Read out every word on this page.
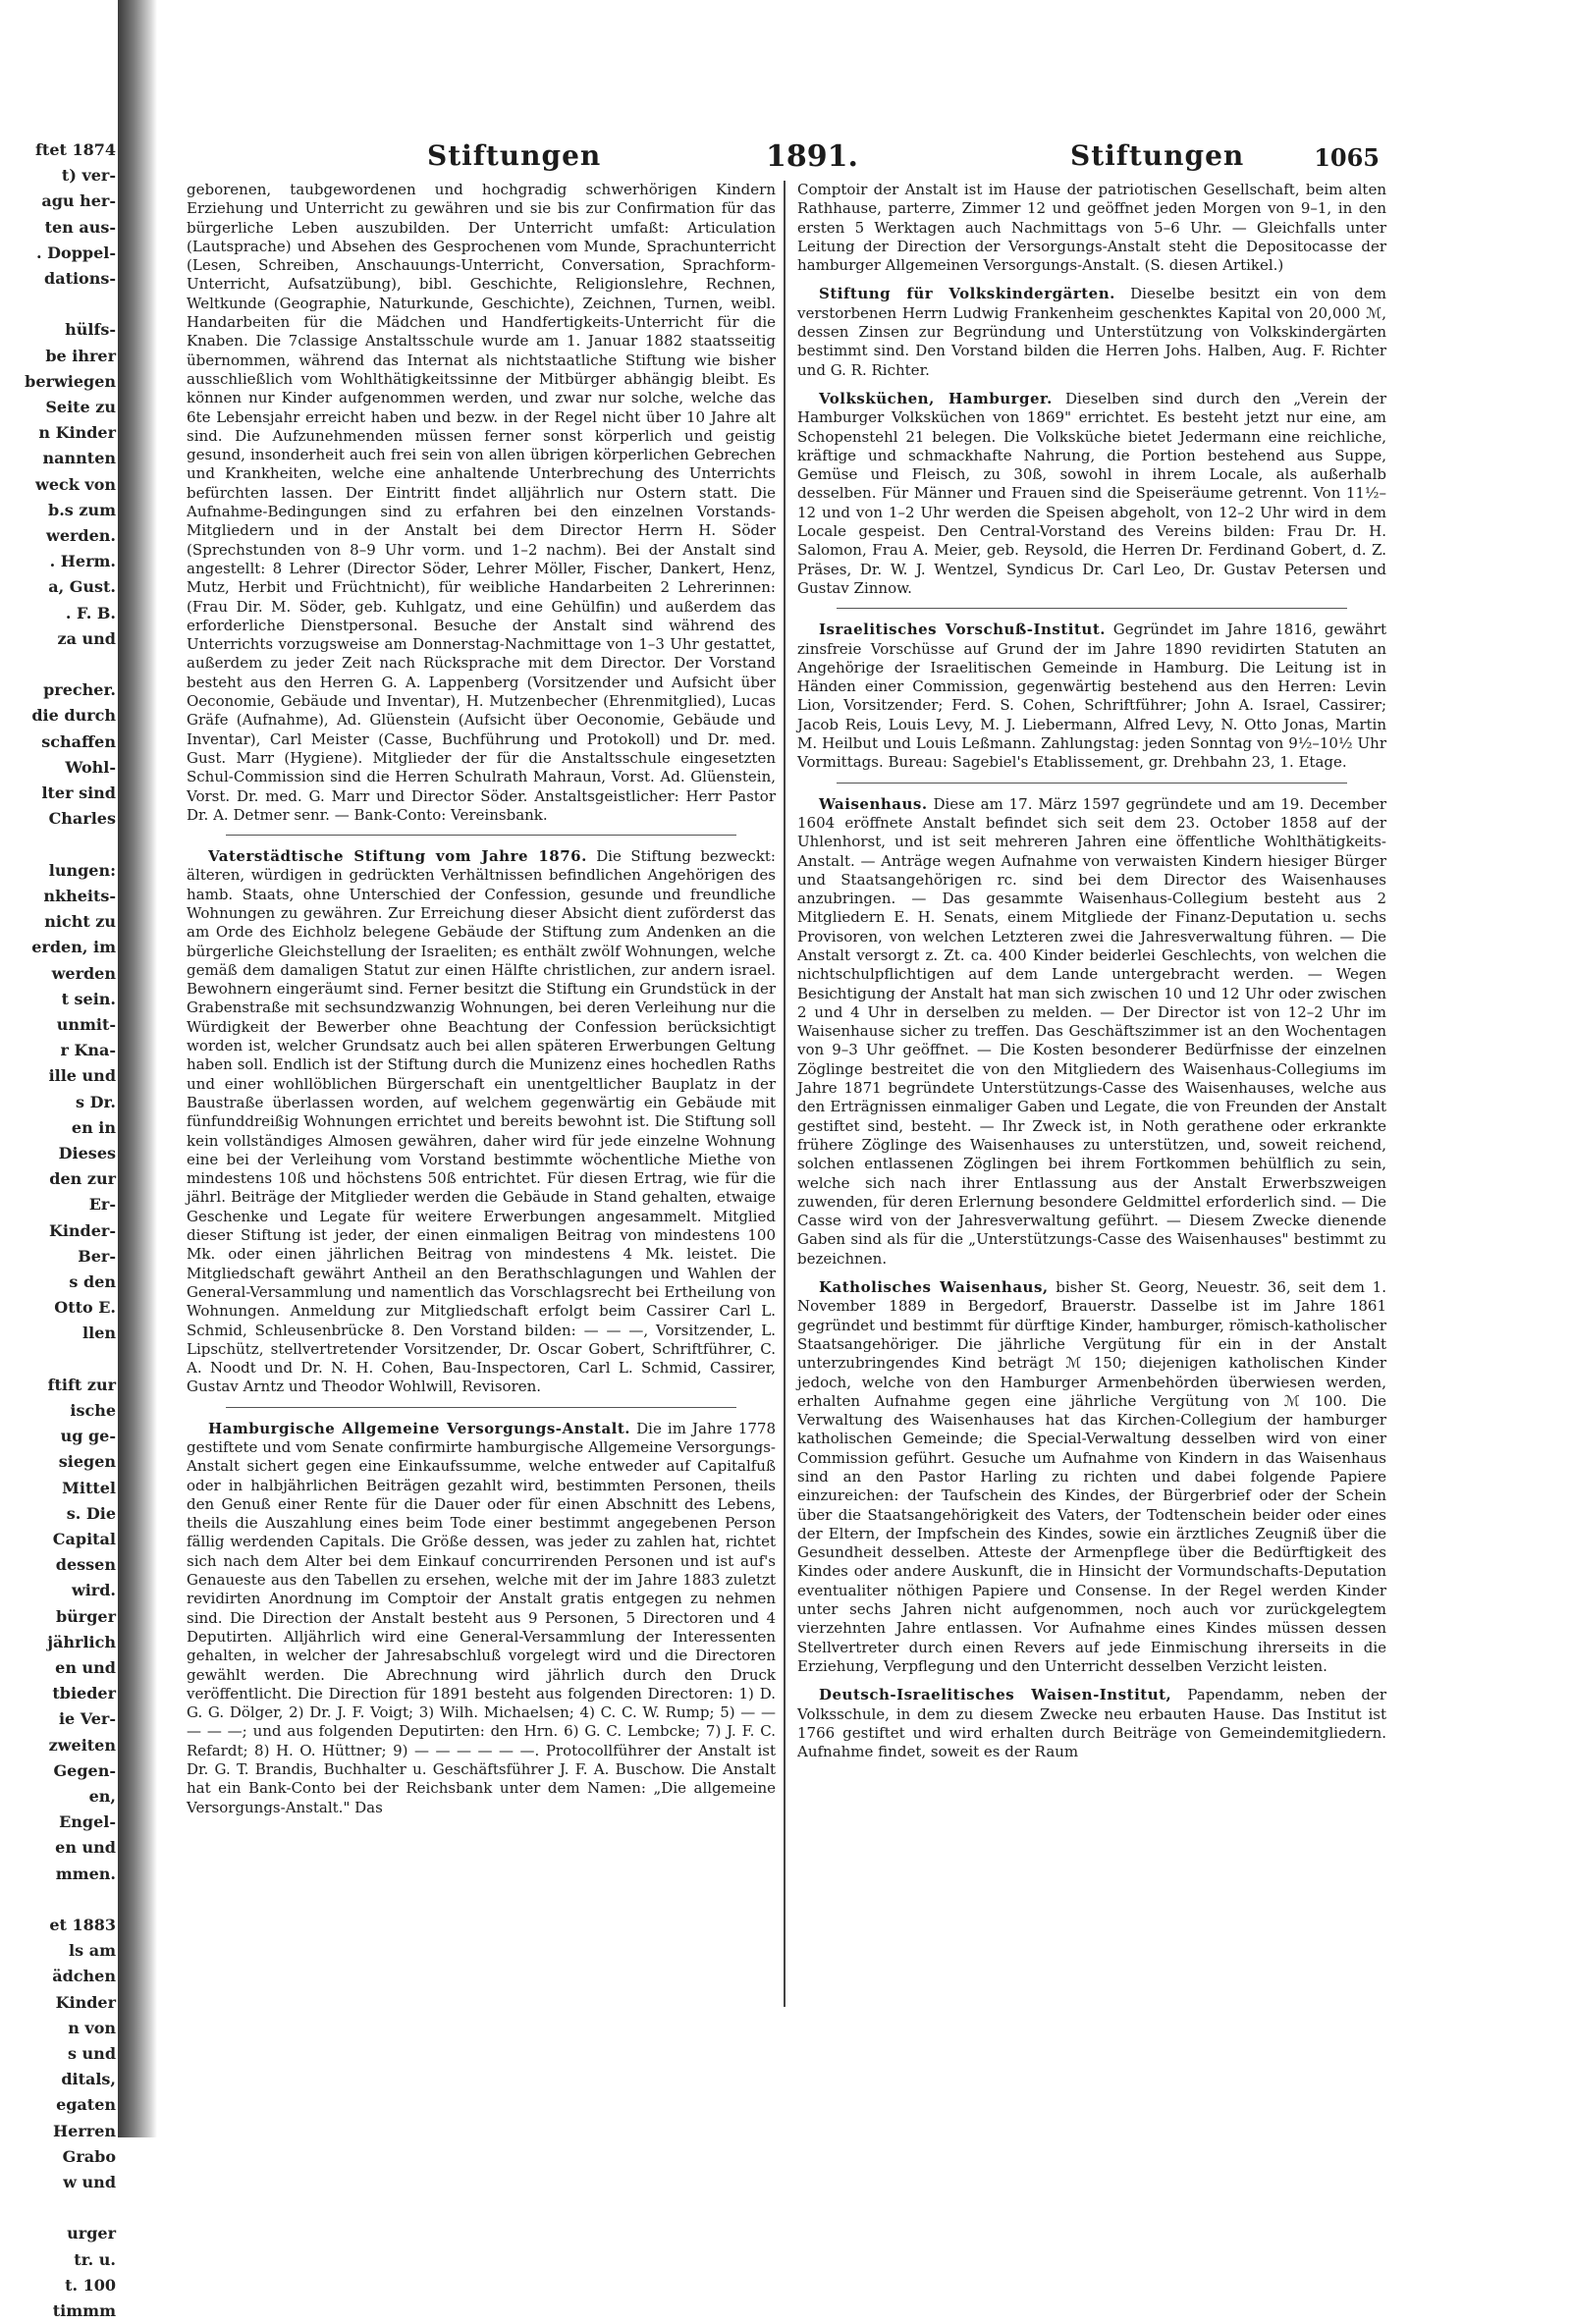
ftet 1874
t) ver-
agu her-
ten aus-
. Doppel-
dations-

hülfs-
be ihrer
berwiegen
Seite zu
n Kinder
nannten
weck von
b.s zum
werden.
. Herm.
a, Gust.
. F. B.
za und

precher.
die durch
schaffen
Wohl-
lter sind
Charles

lungen:
nkheits-
nicht zu
erden, im
werden
t sein.
unmit-
r Kna-
ille und
s Dr.
en in
Dieses
den zur
Er-
Kinder-
Ber-
s den
Otto E.
llen

ftift zur
ische
ug ge-
siegen
Mittel
s. Die
Capital
dessen
wird.
bürger
jährlich
en und
tbieder
ie Ver-
zweiten
Gegen-
en,
Engel-
en und
mmen.

et 1883
ls am
ädchen
Kinder
n von
s und
ditals,
egaten
Herren
Grabo
w und

urger
tr. u.
t. 100
timmm
Stiftungen	1891.	Stiftungen	1065

geborenen, taubgewordenen und hochgradig schwerhörigen Kindern Erziehung und Unterricht zu gewähren und sie bis zur Confirmation für das bürgerliche Leben auszubilden. Der Unterricht umfaßt: Articulation (Lautsprache) und Absehen des Gesprochenen vom Munde, Sprachunterricht (Lesen, Schreiben, Anschauungs-Unterricht, Conversation, Sprachform-Unterricht, Aufsatzübung), bibl. Geschichte, Religionslehre, Rechnen, Weltkunde (Geographie, Naturkunde, Geschichte), Zeichnen, Turnen, weibl. Handarbeiten für die Mädchen und Handfertigkeits-Unterricht für die Knaben. Die 7classige Anstaltsschule wurde am 1. Januar 1882 staatsseitig übernommen, während das Internat als nichtstaatliche Stiftung wie bisher ausschließlich vom Wohlthätigkeitssinne der Mitbürger abhängig bleibt. Es können nur Kinder aufgenommen werden, und zwar nur solche, welche das 6te Lebensjahr erreicht haben und bezw. in der Regel nicht über 10 Jahre alt sind. Die Aufzunehmenden müssen ferner sonst körperlich und geistig gesund, insonderheit auch frei sein von allen übrigen körperlichen Gebrechen und Krankheiten, welche eine anhaltende Unterbrechung des Unterrichts befürchten lassen. Der Eintritt findet alljährlich nur Ostern statt. Die Aufnahme-Bedingungen sind zu erfahren bei den einzelnen Vorstands-Mitgliedern und in der Anstalt bei dem Director Herrn H. Söder (Sprechstunden von 8–9 Uhr vorm. und 1–2 nachm). Bei der Anstalt sind angestellt: 8 Lehrer (Director Söder, Lehrer Möller, Fischer, Dankert, Henz, Mutz, Herbit und Früchtnicht), für weibliche Handarbeiten 2 Lehrerinnen: (Frau Dir. M. Söder, geb. Kuhlgatz, und eine Gehülfin) und außerdem das erforderliche Dienstpersonal. Besuche der Anstalt sind während des Unterrichts vorzugsweise am Donnerstag-Nachmittage von 1–3 Uhr gestattet, außerdem zu jeder Zeit nach Rücksprache mit dem Director. Der Vorstand besteht aus den Herren G. A. Lappenberg (Vorsitzender und Aufsicht über Oeconomie, Gebäude und Inventar), H. Mutzenbecher (Ehrenmitglied), Lucas Gräfe (Aufnahme), Ad. Glüenstein (Aufsicht über Oeconomie, Gebäude und Inventar), Carl Meister (Casse, Buchführung und Protokoll) und Dr. med. Gust. Marr (Hygiene). Mitglieder der für die Anstaltsschule eingesetzten Schul-Commission sind die Herren Schulrath Mahraun, Vorst. Ad. Glüenstein, Vorst. Dr. med. G. Marr und Director Söder. Anstaltsgeistlicher: Herr Pastor Dr. A. Detmer senr. — Bank-Conto: Vereinsbank.

Vaterstädtische Stiftung vom Jahre 1876. Die Stiftung bezweckt: älteren, würdigen in gedrückten Verhältnissen befindlichen Angehörigen des hamb. Staats, ohne Unterschied der Confession, gesunde und freundliche Wohnungen zu gewähren. Zur Erreichung dieser Absicht dient zuförderst das am Orde des Eichholz belegene Gebäude der Stiftung zum Andenken an die bürgerliche Gleichstellung der Israeliten; es enthält zwölf Wohnungen, welche gemäß dem damaligen Statut zur einen Hälfte christlichen, zur andern israel. Bewohnern eingeräumt sind. Ferner besitzt die Stiftung ein Grundstück in der Grabenstraße mit sechsundzwanzig Wohnungen, bei deren Verleihung nur die Würdigkeit der Bewerber ohne Beachtung der Confession berücksichtigt worden ist, welcher Grundsatz auch bei allen späteren Erwerbungen Geltung haben soll. Endlich ist der Stiftung durch die Munizenz eines hochedlen Raths und einer wohllöblichen Bürgerschaft ein unentgeltlicher Bauplatz in der Baustraße überlassen worden, auf welchem gegenwärtig ein Gebäude mit fünfunddreißig Wohnungen errichtet und bereits bewohnt ist. Die Stiftung soll kein vollständiges Almosen gewähren, daher wird für jede einzelne Wohnung eine bei der Verleihung vom Vorstand bestimmte wöchentliche Miethe von mindestens 10ß und höchstens 50ß entrichtet. Für diesen Ertrag, wie für die jährl. Beiträge der Mitglieder werden die Gebäude in Stand gehalten, etwaige Geschenke und Legate für weitere Erwerbungen angesammelt. Mitglied dieser Stiftung ist jeder, der einen einmaligen Beitrag von mindestens 100 Mk. oder einen jährlichen Beitrag von mindestens 4 Mk. leistet. Die Mitgliedschaft gewährt Antheil an den Berathschlagungen und Wahlen der General-Versammlung und namentlich das Vorschlagsrecht bei Ertheilung von Wohnungen. Anmeldung zur Mitgliedschaft erfolgt beim Cassirer Carl L. Schmid, Schleusenbrücke 8. Den Vorstand bilden: — — —, Vorsitzender, L. Lipschütz, stellvertretender Vorsitzender, Dr. Oscar Gobert, Schriftführer, C. A. Noodt und Dr. N. H. Cohen, Bau-Inspectoren, Carl L. Schmid, Cassirer, Gustav Arntz und Theodor Wohlwill, Revisoren.

Hamburgische Allgemeine Versorgungs-Anstalt. Die im Jahre 1778 gestiftete und vom Senate confirmirte hamburgische Allgemeine Versorgungs-Anstalt sichert gegen eine Einkaufssumme, welche entweder auf Capitalfuß oder in halbjährlichen Beiträgen gezahlt wird, bestimmten Personen, theils den Genuß einer Rente für die Dauer oder für einen Abschnitt des Lebens, theils die Auszahlung eines beim Tode einer bestimmt angegebenen Person fällig werdenden Capitals. Die Größe dessen, was jeder zu zahlen hat, richtet sich nach dem Alter bei dem Einkauf concurrirenden Personen und ist auf's Genaueste aus den Tabellen zu ersehen, welche mit der im Jahre 1883 zuletzt revidirten Anordnung im Comptoir der Anstalt gratis entgegen zu nehmen sind. Die Direction der Anstalt besteht aus 9 Personen, 5 Directoren und 4 Deputirten. Alljährlich wird eine General-Versammlung der Interessenten gehalten, in welcher der Jahresabschluß vorgelegt wird und die Directoren gewählt werden. Die Abrechnung wird jährlich durch den Druck veröffentlicht. Die Direction für 1891 besteht aus folgenden Directoren: 1) D. G. G. Dölger, 2) Dr. J. F. Voigt; 3) Wilh. Michaelsen; 4) C. C. W. Rump; 5) — — — — —; und aus folgenden Deputirten: den Hrn. 6) G. C. Lembcke; 7) J. F. C. Refardt; 8) H. O. Hüttner; 9) — — — — — —. Protocollführer der Anstalt ist Dr. G. T. Brandis, Buchhalter u. Geschäftsführer J. F. A. Buschow. Die Anstalt hat ein Bank-Conto bei der Reichsbank unter dem Namen: „Die allgemeine Versorgungs-Anstalt." Das

Comptoir der Anstalt ist im Hause der patriotischen Gesellschaft, beim alten Rathhause, parterre, Zimmer 12 und geöffnet jeden Morgen von 9–1, in den ersten 5 Werktagen auch Nachmittags von 5–6 Uhr. — Gleichfalls unter Leitung der Direction der Versorgungs-Anstalt steht die Depositocasse der hamburger Allgemeinen Versorgungs-Anstalt. (S. diesen Artikel.)

Stiftung für Volkskindergärten. Dieselbe besitzt ein von dem verstorbenen Herrn Ludwig Frankenheim geschenktes Kapital von 20,000 ℳ, dessen Zinsen zur Begründung und Unterstützung von Volkskindergärten bestimmt sind. Den Vorstand bilden die Herren Johs. Halben, Aug. F. Richter und G. R. Richter.

Volksküchen, Hamburger. Dieselben sind durch den „Verein der Hamburger Volksküchen von 1869" errichtet. Es besteht jetzt nur eine, am Schopenstehl 21 belegen. Die Volksküche bietet Jedermann eine reichliche, kräftige und schmackhafte Nahrung, die Portion bestehend aus Suppe, Gemüse und Fleisch, zu 30ß, sowohl in ihrem Locale, als außerhalb desselben. Für Männer und Frauen sind die Speiseräume getrennt. Von 11½–12 und von 1–2 Uhr werden die Speisen abgeholt, von 12–2 Uhr wird in dem Locale gespeist. Den Central-Vorstand des Vereins bilden: Frau Dr. H. Salomon, Frau A. Meier, geb. Reysold, die Herren Dr. Ferdinand Gobert, d. Z. Präses, Dr. W. J. Wentzel, Syndicus Dr. Carl Leo, Dr. Gustav Petersen und Gustav Zinnow.

Israelitisches Vorschuß-Institut. Gegründet im Jahre 1816, gewährt zinsfreie Vorschüsse auf Grund der im Jahre 1890 revidirten Statuten an Angehörige der Israelitischen Gemeinde in Hamburg. Die Leitung ist in Händen einer Commission, gegenwärtig bestehend aus den Herren: Levin Lion, Vorsitzender; Ferd. S. Cohen, Schriftführer; John A. Israel, Cassirer; Jacob Reis, Louis Levy, M. J. Liebermann, Alfred Levy, N. Otto Jonas, Martin M. Heilbut und Louis Leßmann. Zahlungstag: jeden Sonntag von 9½–10½ Uhr Vormittags. Bureau: Sagebiel's Etablissement, gr. Drehbahn 23, 1. Etage.

Waisenhaus. Diese am 17. März 1597 gegründete und am 19. December 1604 eröffnete Anstalt befindet sich seit dem 23. October 1858 auf der Uhlenhorst, und ist seit mehreren Jahren eine öffentliche Wohlthätigkeits-Anstalt. — Anträge wegen Aufnahme von verwaisten Kindern hiesiger Bürger und Staatsangehörigen rc. sind bei dem Director des Waisenhauses anzubringen. — Das gesammte Waisenhaus-Collegium besteht aus 2 Mitgliedern E. H. Senats, einem Mitgliede der Finanz-Deputation u. sechs Provisoren, von welchen Letzteren zwei die Jahresverwaltung führen. — Die Anstalt versorgt z. Zt. ca. 400 Kinder beiderlei Geschlechts, von welchen die nichtschulpflichtigen auf dem Lande untergebracht werden. — Wegen Besichtigung der Anstalt hat man sich zwischen 10 und 12 Uhr oder zwischen 2 und 4 Uhr in derselben zu melden. — Der Director ist von 12–2 Uhr im Waisenhause sicher zu treffen. Das Geschäftszimmer ist an den Wochentagen von 9–3 Uhr geöffnet. — Die Kosten besonderer Bedürfnisse der einzelnen Zöglinge bestreitet die von den Mitgliedern des Waisenhaus-Collegiums im Jahre 1871 begründete Unterstützungs-Casse des Waisenhauses, welche aus den Erträgnissen einmaliger Gaben und Legate, die von Freunden der Anstalt gestiftet sind, besteht. — Ihr Zweck ist, in Noth gerathene oder erkrankte frühere Zöglinge des Waisenhauses zu unterstützen, und, soweit reichend, solchen entlassenen Zöglingen bei ihrem Fortkommen behülflich zu sein, welche sich nach ihrer Entlassung aus der Anstalt Erwerbszweigen zuwenden, für deren Erlernung besondere Geldmittel erforderlich sind. — Die Casse wird von der Jahresverwaltung geführt. — Diesem Zwecke dienende Gaben sind als für die „Unterstützungs-Casse des Waisenhauses" bestimmt zu bezeichnen.

Katholisches Waisenhaus, bisher St. Georg, Neuestr. 36, seit dem 1. November 1889 in Bergedorf, Brauerstr. Dasselbe ist im Jahre 1861 gegründet und bestimmt für dürftige Kinder, hamburger, römisch-katholischer Staatsangehöriger. Die jährliche Vergütung für ein in der Anstalt unterzubringendes Kind beträgt ℳ 150; diejenigen katholischen Kinder jedoch, welche von den Hamburger Armenbehörden überwiesen werden, erhalten Aufnahme gegen eine jährliche Vergütung von ℳ 100. Die Verwaltung des Waisenhauses hat das Kirchen-Collegium der hamburger katholischen Gemeinde; die Special-Verwaltung desselben wird von einer Commission geführt. Gesuche um Aufnahme von Kindern in das Waisenhaus sind an den Pastor Harling zu richten und dabei folgende Papiere einzureichen: der Taufschein des Kindes, der Bürgerbrief oder der Schein über die Staatsangehörigkeit des Vaters, der Todtenschein beider oder eines der Eltern, der Impfschein des Kindes, sowie ein ärztliches Zeugniß über die Gesundheit desselben. Atteste der Armenpflege über die Bedürftigkeit des Kindes oder andere Auskunft, die in Hinsicht der Vormundschafts-Deputation eventualiter nöthigen Papiere und Consense. In der Regel werden Kinder unter sechs Jahren nicht aufgenommen, noch auch vor zurückgelegtem vierzehnten Jahre entlassen. Vor Aufnahme eines Kindes müssen dessen Stellvertreter durch einen Revers auf jede Einmischung ihrerseits in die Erziehung, Verpflegung und den Unterricht desselben Verzicht leisten.

Deutsch-Israelitisches Waisen-Institut, Papendamm, neben der Volksschule, in dem zu diesem Zwecke neu erbauten Hause. Das Institut ist 1766 gestiftet und wird erhalten durch Beiträge von Gemeindemitgliedern. Aufnahme findet, soweit es der Raum
